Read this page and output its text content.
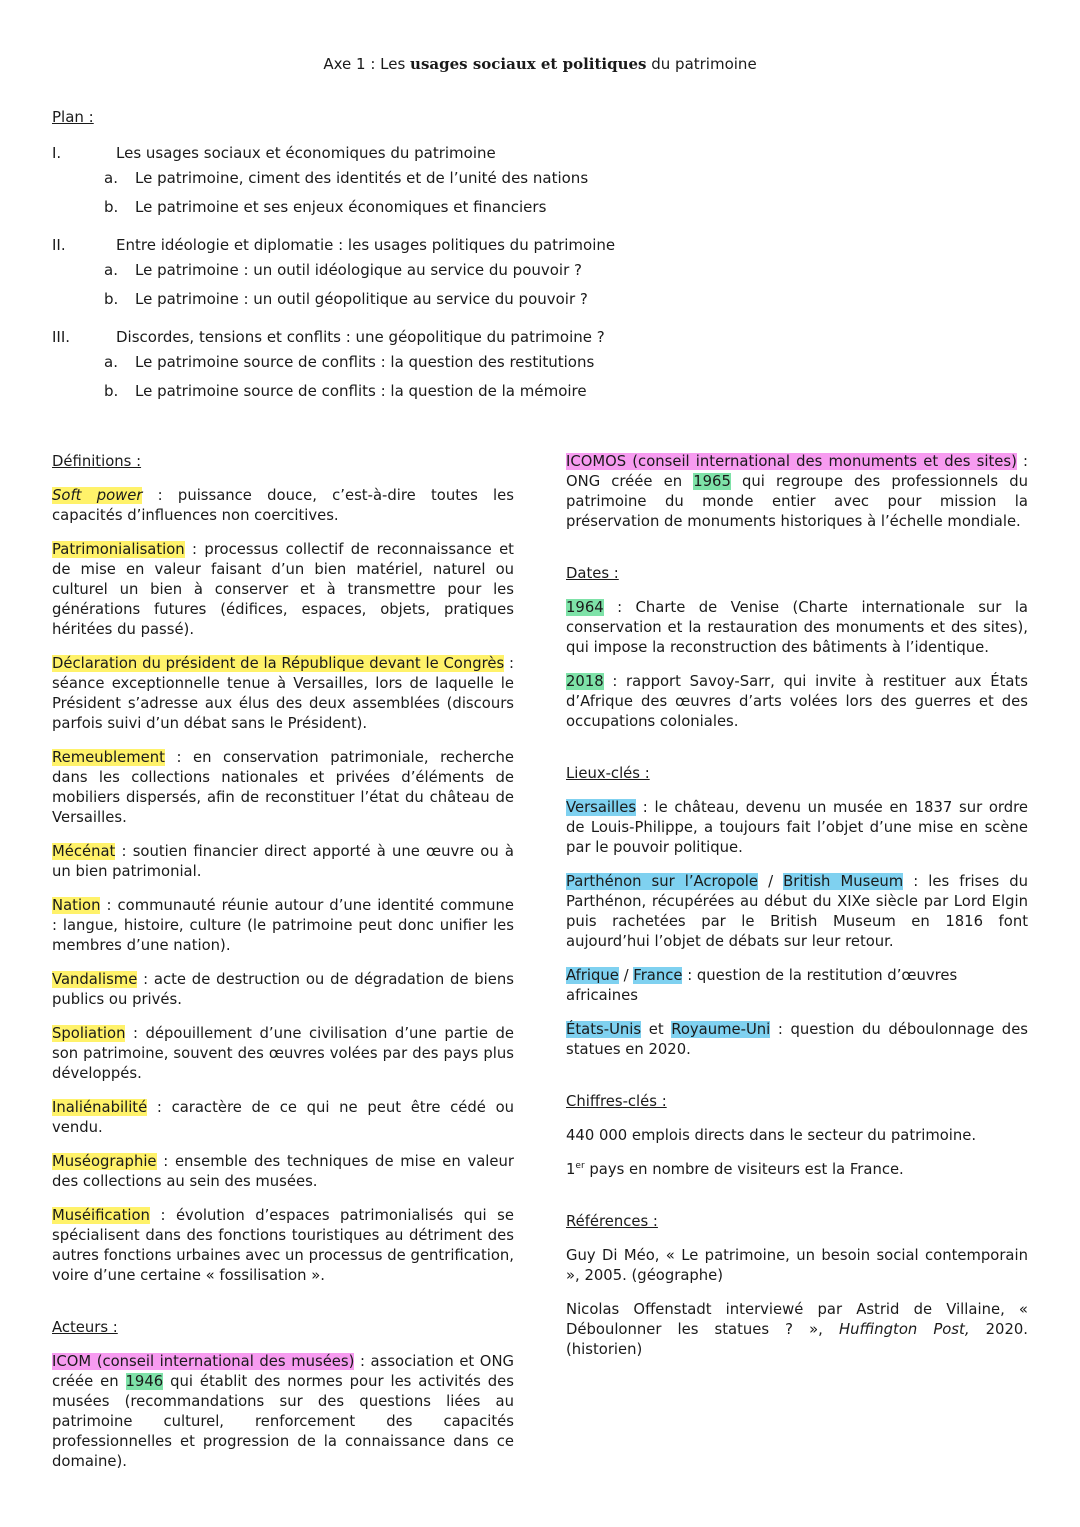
Axe 1 : Les usages sociaux et politiques du patrimoine
Plan :
I.	Les usages sociaux et économiques du patrimoine
a. Le patrimoine, ciment des identités et de l’unité des nations
b. Le patrimoine et ses enjeux économiques et financiers
II.	Entre idéologie et diplomatie : les usages politiques du patrimoine
a. Le patrimoine : un outil idéologique au service du pouvoir ?
b. Le patrimoine : un outil géopolitique au service du pouvoir ?
III.	Discordes, tensions et conflits : une géopolitique du patrimoine ?
a. Le patrimoine source de conflits : la question des restitutions
b. Le patrimoine source de conflits : la question de la mémoire
Définitions :

Soft power : puissance douce, c’est-à-dire toutes les capacités d’influences non coercitives.

Patrimonialisation : processus collectif de reconnaissance et de mise en valeur faisant d’un bien matériel, naturel ou culturel un bien à conserver et à transmettre pour les générations futures (édifices, espaces, objets, pratiques héritées du passé).

Déclaration du président de la République devant le Congrès : séance exceptionnelle tenue à Versailles, lors de laquelle le Président s’adresse aux élus des deux assemblées (discours parfois suivi d’un débat sans le Président).

Remeublement : en conservation patrimoniale, recherche dans les collections nationales et privées d’éléments de mobiliers dispersés, afin de reconstituer l’état du château de Versailles.

Mécénat : soutien financier direct apporté à une œuvre ou à un bien patrimonial.

Nation : communauté réunie autour d’une identité commune : langue, histoire, culture (le patrimoine peut donc unifier les membres d’une nation).

Vandalisme : acte de destruction ou de dégradation de biens publics ou privés.

Spoliation : dépouillement d’une civilisation d’une partie de son patrimoine, souvent des œuvres volées par des pays plus développés.

Inaliénabilité : caractère de ce qui ne peut être cédé ou vendu.

Muséographie : ensemble des techniques de mise en valeur des collections au sein des musées.

Muséification : évolution d’espaces patrimonialisés qui se spécialisent dans des fonctions touristiques au détriment des autres fonctions urbaines avec un processus de gentrification, voire d’une certaine « fossilisation ».

Acteurs :

ICOM (conseil international des musées) : association et ONG créée en 1946 qui établit des normes pour les activités des musées (recommandations sur des questions liées au patrimoine culturel, renforcement des capacités professionnelles et progression de la connaissance dans ce domaine).

ICOMOS (conseil international des monuments et des sites) : ONG créée en 1965 qui regroupe des professionnels du patrimoine du monde entier avec pour mission la préservation de monuments historiques à l’échelle mondiale.

Dates :

1964 : Charte de Venise (Charte internationale sur la conservation et la restauration des monuments et des sites), qui impose la reconstruction des bâtiments à l’identique.

2018 : rapport Savoy-Sarr, qui invite à restituer aux États d’Afrique des œuvres d’arts volées lors des guerres et des occupations coloniales.

Lieux-clés :

Versailles : le château, devenu un musée en 1837 sur ordre de Louis-Philippe, a toujours fait l’objet d’une mise en scène par le pouvoir politique.

Parthénon sur l’Acropole / British Museum : les frises du Parthénon, récupérées au début du XIXe siècle par Lord Elgin puis rachetées par le British Museum en 1816 font aujourd’hui l’objet de débats sur leur retour.

Afrique / France : question de la restitution d’œuvres africaines

États-Unis et Royaume-Uni : question du déboulonnage des statues en 2020.

Chiffres-clés :

440 000 emplois directs dans le secteur du patrimoine.

1er pays en nombre de visiteurs est la France.

Références :

Guy Di Méo, « Le patrimoine, un besoin social contemporain », 2005. (géographe)

Nicolas Offenstadt interviewé par Astrid de Villaine, « Déboulonner les statues ? », Huffington Post, 2020. (historien)
